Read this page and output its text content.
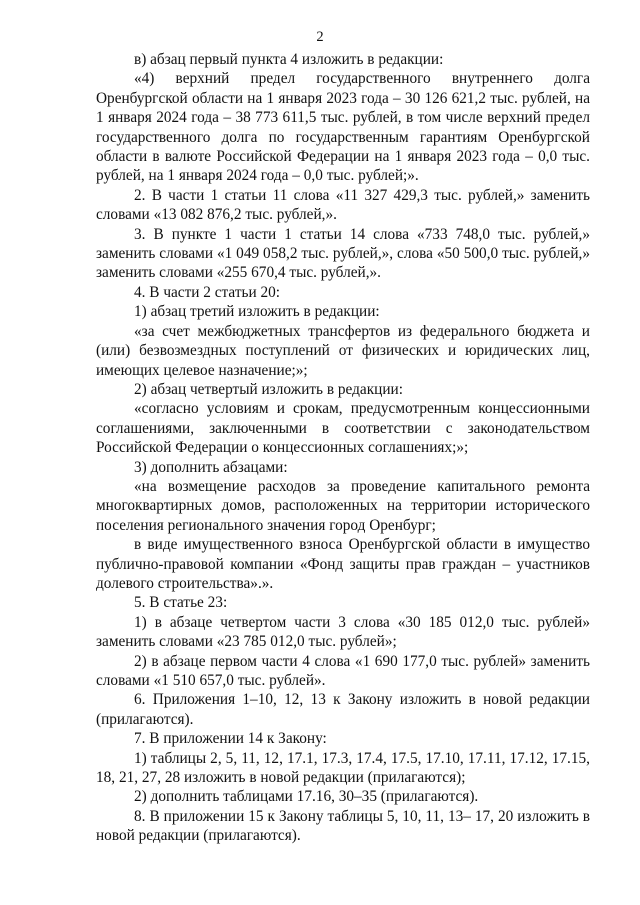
2

в) абзац первый пункта 4 изложить в редакции:

«4) верхний предел государственного внутреннего долга Оренбургской области на 1 января 2023 года – 30 126 621,2 тыс. рублей, на 1 января 2024 года – 38 773 611,5 тыс. рублей, в том числе верхний предел государственного долга по государственным гарантиям Оренбургской области в валюте Российской Федерации на 1 января 2023 года – 0,0 тыс. рублей, на 1 января 2024 года – 0,0 тыс. рублей;».

2. В части 1 статьи 11 слова «11 327 429,3 тыс. рублей,» заменить словами «13 082 876,2 тыс. рублей,».

3. В пункте 1 части 1 статьи 14 слова «733 748,0 тыс. рублей,» заменить словами «1 049 058,2 тыс. рублей,», слова «50 500,0 тыс. рублей,» заменить словами «255 670,4 тыс. рублей,».

4. В части 2 статьи 20:

1) абзац третий изложить в редакции:

«за счет межбюджетных трансфертов из федерального бюджета и (или) безвозмездных поступлений от физических и юридических лиц, имеющих целевое назначение;»;

2) абзац четвертый изложить в редакции:

«согласно условиям и срокам, предусмотренным концессионными соглашениями, заключенными в соответствии с законодательством Российской Федерации о концессионных соглашениях;»;

3) дополнить абзацами:

«на возмещение расходов за проведение капитального ремонта многоквартирных домов, расположенных на территории исторического поселения регионального значения город Оренбург;

в виде имущественного взноса Оренбургской области в имущество публично-правовой компании «Фонд защиты прав граждан – участников долевого строительства».».

5. В статье 23:

1) в абзаце четвертом части 3 слова «30 185 012,0 тыс. рублей» заменить словами «23 785 012,0 тыс. рублей»;

2) в абзаце первом части 4 слова «1 690 177,0 тыс. рублей» заменить словами «1 510 657,0 тыс. рублей».

6. Приложения 1–10, 12, 13 к Закону изложить в новой редакции (прилагаются).

7. В приложении 14 к Закону:

1) таблицы 2, 5, 11, 12, 17.1, 17.3, 17.4, 17.5, 17.10, 17.11, 17.12, 17.15, 18, 21, 27, 28 изложить в новой редакции (прилагаются);

2) дополнить таблицами 17.16, 30–35 (прилагаются).

8. В приложении 15 к Закону таблицы 5, 10, 11, 13– 17, 20 изложить в новой редакции (прилагаются).
